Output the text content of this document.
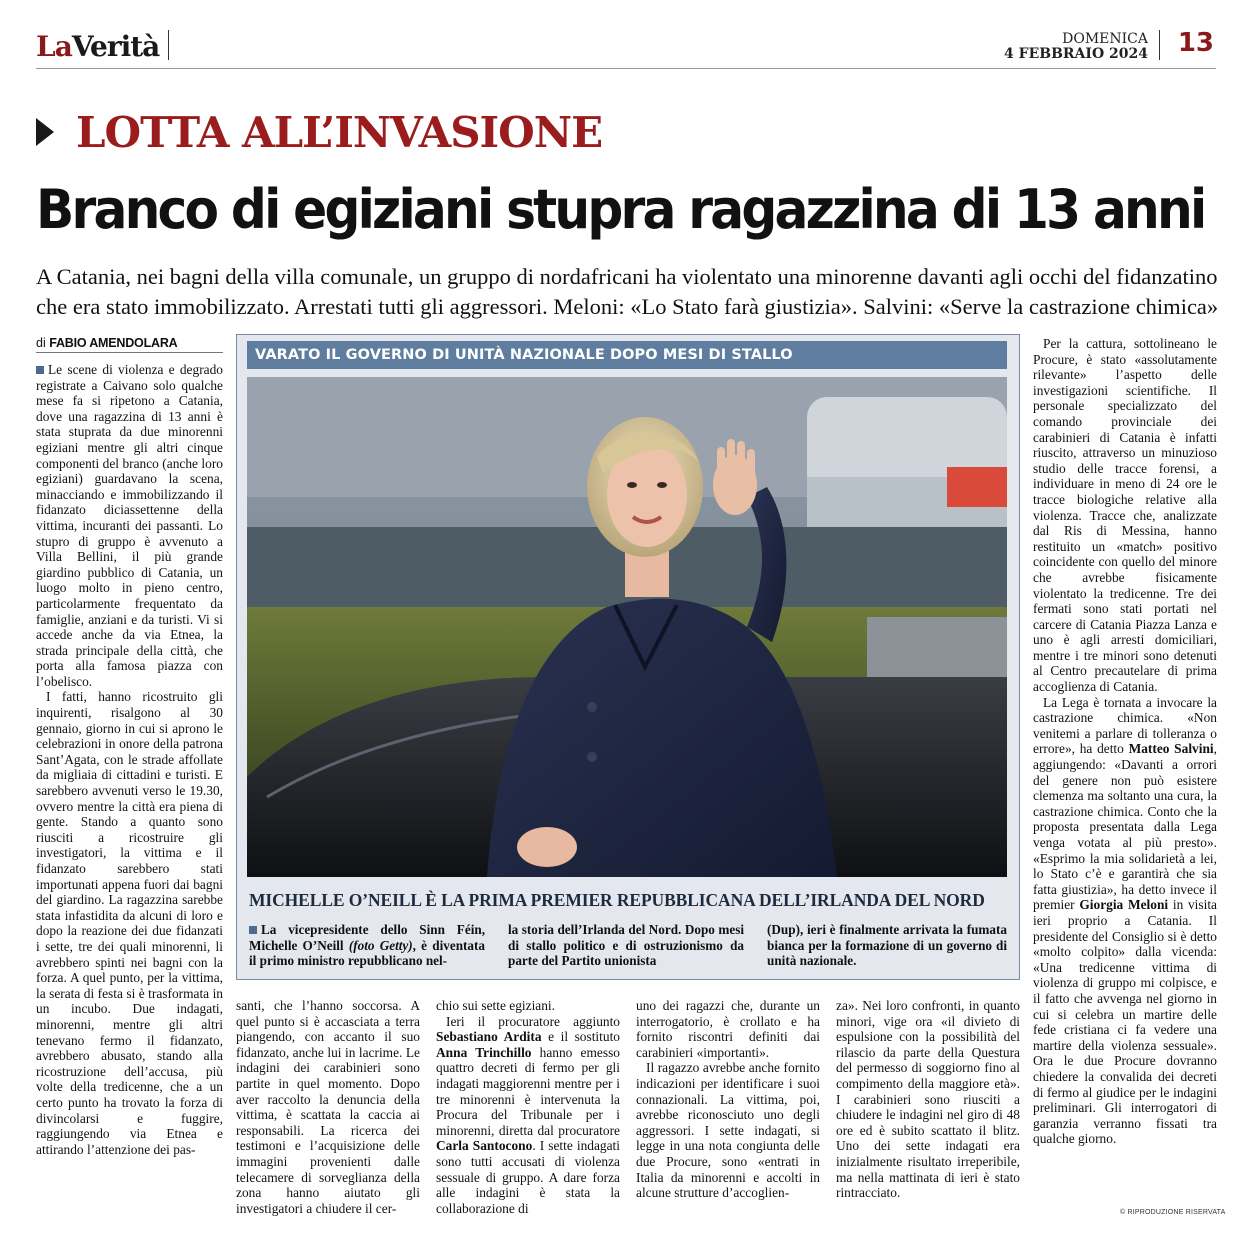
LaVerità	DOMENICA
4 FEBBRAIO 2024 13
LOTTA ALL’INVASIONE
Branco di egiziani stupra ragazzina di 13 anni
A Catania, nei bagni della villa comunale, un gruppo di nordafricani ha violentato una minorenne davanti agli occhi del fidanzatino
che era stato immobilizzato. Arrestati tutti gli aggressori. Meloni: «Lo Stato farà giustizia». Salvini: «Serve la castrazione chimica»
di FABIO AMENDOLARA

Le scene di violenza e degrado registrate a Caivano solo qualche mese fa si ripetono a Catania, dove una ragazzina di 13 anni è stata stuprata da due minorenni egiziani mentre gli altri cinque componenti del branco (anche loro egiziani) guardavano la scena, minacciando e immobilizzando il fidanzato diciassettenne della vittima, incuranti dei passanti. Lo stupro di gruppo è avvenuto a Villa Bellini, il più grande giardino pubblico di Catania, un luogo molto in pieno centro, particolarmente frequentato da famiglie, anziani e da turisti. Vi si accede anche da via Etnea, la strada principale della città, che porta alla famosa piazza con l’obelisco.

I fatti, hanno ricostruito gli inquirenti, risalgono al 30 gennaio, giorno in cui si aprono le celebrazioni in onore della patrona Sant’Agata, con le strade affollate da migliaia di cittadini e turisti. E sarebbero avvenuti verso le 19.30, ovvero mentre la città era piena di gente. Stando a quanto sono riusciti a ricostruire gli investigatori, la vittima e il fidanzato sarebbero stati importunati appena fuori dai bagni del giardino. La ragazzina sarebbe stata infastidita da alcuni di loro e dopo la reazione dei due fidanzati i sette, tre dei quali minorenni, li avrebbero spinti nei bagni con la forza. A quel punto, per la vittima, la serata di festa si è trasformata in un incubo. Due indagati, minorenni, mentre gli altri tenevano fermo il fidanzato, avrebbero abusato, stando alla ricostruzione dell’accusa, più volte della tredicenne, che a un certo punto ha trovato la forza di divincolarsi e fuggire, raggiungendo via Etnea e attirando l’attenzione dei pas-

VARATO IL GOVERNO DI UNITÀ NAZIONALE DOPO MESI DI STALLO
MICHELLE O’NEILL È LA PRIMA PREMIER REPUBBLICANA DELL’IRLANDA DEL NORD
La vicepresidente dello Sinn Féin, Michelle O’Neill (foto Getty), è diventata il primo ministro repubblicano nel-
la storia dell’Irlanda del Nord. Dopo mesi di stallo politico e di ostruzionismo da parte del Partito unionista
(Dup), ieri è finalmente arrivata la fumata bianca per la formazione di un governo di unità nazionale.

santi, che l’hanno soccorsa. A quel punto si è accasciata a terra piangendo, con accanto il suo fidanzato, anche lui in lacrime. Le indagini dei carabinieri sono partite in quel momento. Dopo aver raccolto la denuncia della vittima, è scattata la caccia ai responsabili. La ricerca dei testimoni e l’acquisizione delle immagini provenienti dalle telecamere di sorveglianza della zona hanno aiutato gli investigatori a chiudere il cer-

chio sui sette egiziani.

Ieri il procuratore aggiunto Sebastiano Ardita e il sostituto Anna Trinchillo hanno emesso quattro decreti di fermo per gli indagati maggiorenni mentre per i tre minorenni è intervenuta la Procura del Tribunale per i minorenni, diretta dal procuratore Carla Santocono. I sette indagati sono tutti accusati di violenza sessuale di gruppo. A dare forza alle indagini è stata la collaborazione di

uno dei ragazzi che, durante un interrogatorio, è crollato e ha fornito riscontri definiti dai carabinieri «importanti».

Il ragazzo avrebbe anche fornito indicazioni per identificare i suoi connazionali. La vittima, poi, avrebbe riconosciuto uno degli aggressori. I sette indagati, si legge in una nota congiunta delle due Procure, sono «entrati in Italia da minorenni e accolti in alcune strutture d’accoglien-

za». Nei loro confronti, in quanto minori, vige ora «il divieto di espulsione con la possibilità del rilascio da parte della Questura del permesso di soggiorno fino al compimento della maggiore età». I carabinieri sono riusciti a chiudere le indagini nel giro di 48 ore ed è subito scattato il blitz. Uno dei sette indagati era inizialmente risultato irreperibile, ma nella mattinata di ieri è stato rintracciato.

Per la cattura, sottolineano le Procure, è stato «assolutamente rilevante» l’aspetto delle investigazioni scientifiche. Il personale specializzato del comando provinciale dei carabinieri di Catania è infatti riuscito, attraverso un minuzioso studio delle tracce forensi, a individuare in meno di 24 ore le tracce biologiche relative alla violenza. Tracce che, analizzate dal Ris di Messina, hanno restituito un «match» positivo coincidente con quello del minore che avrebbe fisicamente violentato la tredicenne. Tre dei fermati sono stati portati nel carcere di Catania Piazza Lanza e uno è agli arresti domiciliari, mentre i tre minori sono detenuti al Centro precautelare di prima accoglienza di Catania.

La Lega è tornata a invocare la castrazione chimica. «Non venitemi a parlare di tolleranza o errore», ha detto Matteo Salvini, aggiungendo: «Davanti a orrori del genere non può esistere clemenza ma soltanto una cura, la castrazione chimica. Conto che la proposta presentata dalla Lega venga votata al più presto». «Esprimo la mia solidarietà a lei, lo Stato c’è e garantirà che sia fatta giustizia», ha detto invece il premier Giorgia Meloni in visita ieri proprio a Catania. Il presidente del Consiglio si è detto «molto colpito» dalla vicenda: «Una tredicenne vittima di violenza di gruppo mi colpisce, e il fatto che avvenga nel giorno in cui si celebra un martire delle fede cristiana ci fa vedere una martire della violenza sessuale». Ora le due Procure dovranno chiedere la convalida dei decreti di fermo al giudice per le indagini preliminari. Gli interrogatori di garanzia verranno fissati tra qualche giorno.

© RIPRODUZIONE RISERVATA
